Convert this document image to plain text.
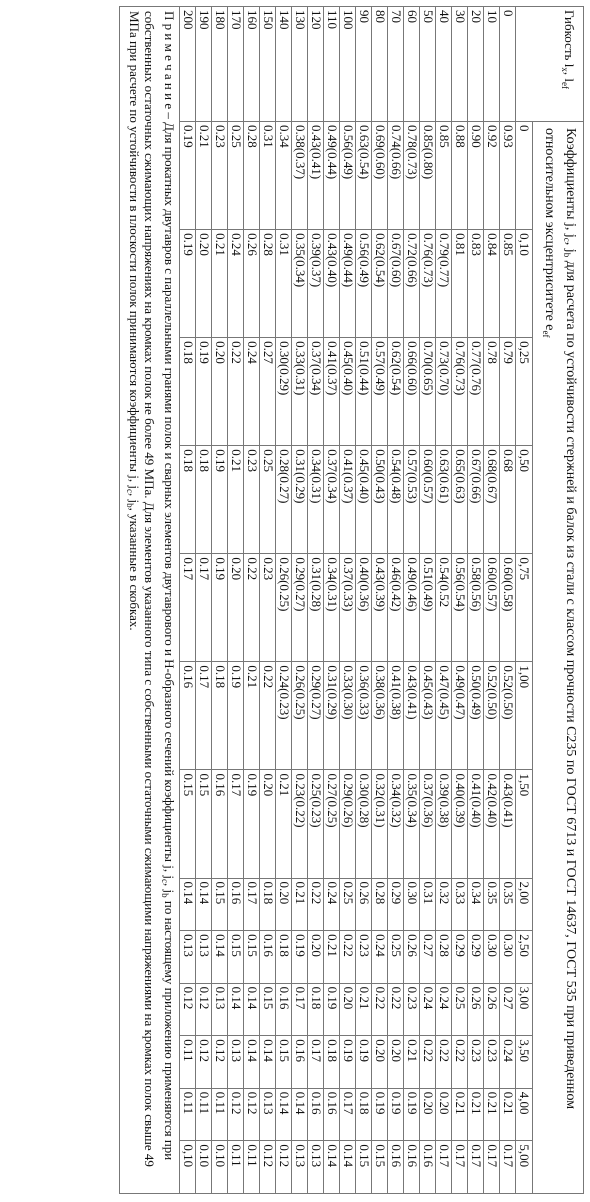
Гибкость $l_x$, $l_{ef}$	Коэффициенты j, $j_c$, $j_b$ для расчета по устойчивости стержней и балок из стали с классом прочности C235 по ГОСТ 6713 и ГОСТ 14637, ГОСТ 535 при приведенном относительном эксцентриситете $e_{ef}$
	0	0,10	0,25	0,50	0,75	1,00	1,50	2,00	2,50	3,00	3,50	4,00	5,00
0	0.93	0.85	0.79	0.68	0.60(0.58)	0.52(0.50)	0.43(0.41)	0.35	0.30	0.27	0.24	0.21	0.17
10	0.92	0.84	0.78	0.68(0.67)	0.60(0.57)	0.52(0.50)	0.42(0.40)	0.35	0.30	0.26	0.23	0.21	0.17
20	0.90	0.83	0.77(0.76)	0.67(0.66)	0.58(0.56)	0.50(0.49)	0.41(0.40)	0.34	0.29	0.26	0.23	0.21	0.17
30	0.88	0.81	0.76(0.73)	0.65(0.63)	0.56(0.54)	0.49(0.47)	0.40(0.39)	0.33	0.29	0.25	0.22	0.21	0.17
40	0.85	0.79(0.77)	0.73(0.70)	0.63(0.61)	0.54(0.52	0.47(0.45)	0.39(0.38)	0.32	0.28	0.24	0.22	0.20	0.17
50	0.85(0.80)	0.76(0.73)	0.70(0.65)	0.60(0.57)	0.51(0.49)	0.45(0.43)	0.37(0.36)	0.31	0.27	0.24	0.22	0.20	0.16
60	0.78(0.73)	0.72(0.66)	0.66(0.60)	0.57(0.53)	0.49(0.46)	0.43(0.41)	0.35(0.34)	0.30	0.26	0.23	0.21	0.19	0.16
70	0.74(0.66)	0.67(0.60)	0.62(0.54)	0.54(0.48)	0.46(0.42)	0.41(0.38)	0.34(0.32)	0.29	0.25	0.22	0.20	0.19	0.16
80	0.69(0.60)	0.62(0.54)	0.57(0.49)	0.50(0.43)	0.43(0.39)	0.38(0.36)	0.32(0.31)	0.28	0.24	0.22	0.20	0.19	0.15
90	0.63(0.54)	0.56(0.49)	0.51(0.44)	0.45(0.40)	0.40(0.36)	0.36(0.33)	0.30(0.28)	0.26	0.23	0.21	0.19	0.18	0.15
100	0.56(0.49)	0.49(0.44)	0.45(0.40)	0.41(0.37)	0.37(0.33)	0.33(0.30)	0.29(0.26)	0.25	0.22	0.20	0.19	0.17	0.14
110	0.49(0.44)	0.43(0.40)	0.41(0.37)	0.37(0.34)	0.34(0.31)	0.31(0.29)	0.27(0.25)	0.24	0.21	0.19	0.18	0.16	0.14
120	0.43(0.41)	0.39(0.37)	0.37(0.34)	0.34(0.31)	0.31(0.28)	0.29(0.27)	0.25(0.23)	0.22	0.20	0.18	0.17	0.16	0.13
130	0.38(0.37)	0.35(0.34)	0.33(0.31)	0.31(0.29)	0.29(0.27)	0.26(0.25)	0.23(0.22)	0.21	0.19	0.17	0.16	0.14	0.13
140	0.34	0.31	0.30(0.29)	0.28(0.27)	0.26(0.25)	0.24(0.23)	0.21	0.20	0.18	0.16	0.15	0.14	0.12
150	0.31	0.28	0.27	0.25	0.23	0.22	0.20	0.18	0.16	0.15	0.14	0.13	0.12
160	0.28	0.26	0.24	0.23	0.22	0.21	0.19	0.17	0.15	0.14	0.14	0.12	0.11
170	0.25	0.24	0.22	0.21	0.20	0.19	0.17	0.16	0.15	0.14	0.13	0.12	0.11
180	0.23	0.21	0.20	0.19	0.19	0.18	0.16	0.15	0.14	0.13	0.12	0.11	0.10
190	0.21	0.20	0.19	0.18	0.17	0.17	0.15	0.14	0.13	0.12	0.12	0.11	0.10
200	0.19	0.19	0.18	0.18	0.17	0.16	0.15	0.14	0.13	0.12	0.11	0.11	0,10
П р и м е ч а н и е – Для прокатных двутавров с параллельными гранями полок и сварных элементов двутаврового и Н-образного сечений коэффициенты j, $j_c$, $j_b$ по настоящему приложению применяются при собственных остаточных сжимающих напряжениях на кромках полок не более 49 МПа. Для элементов указанного типа с собственными остаточными сжимающими напряжениями на кромках полок свыше 49 МПа при расчете по устойчивости в плоскости полок принимаются коэффициенты j, $j_c$, $j_b$, указанные в скобках.													
